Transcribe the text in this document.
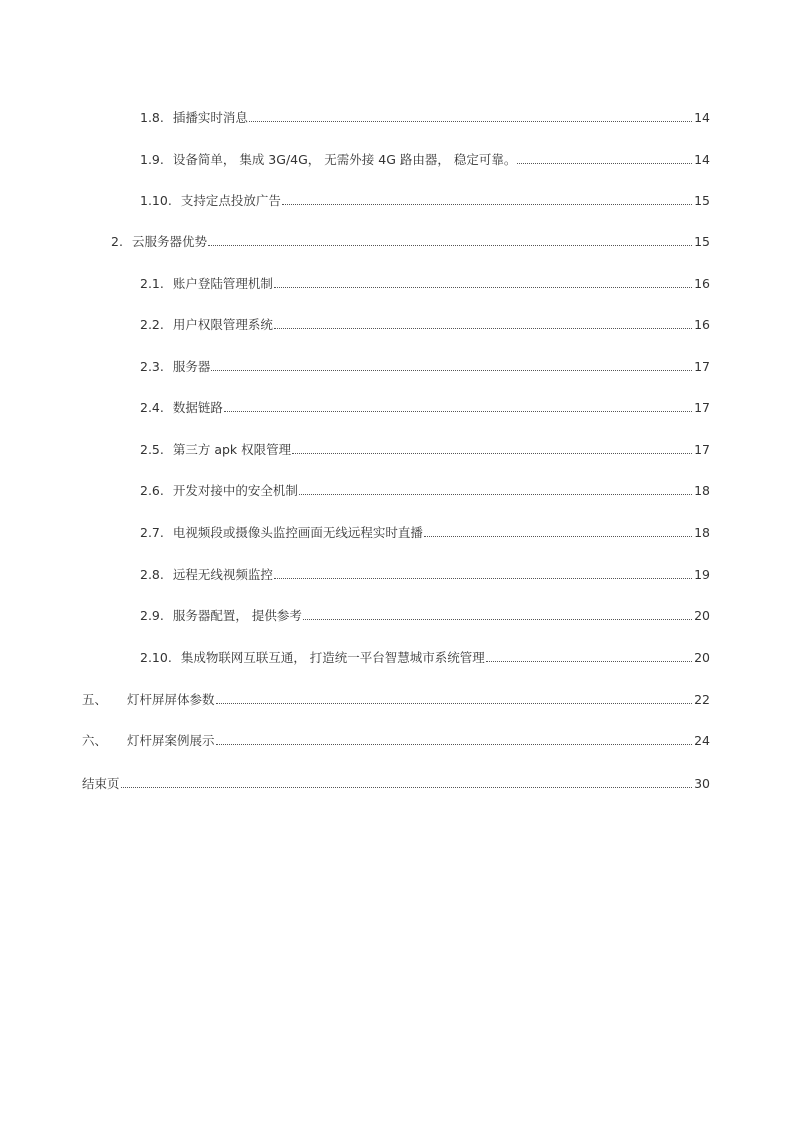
1.8. 插播实时消息	14
1.9. 设备简单， 集成 3G/4G， 无需外接 4G 路由器， 稳定可靠。	14
1.10. 支持定点投放广告	15
2. 云服务器优势	15
2.1. 账户登陆管理机制	16
2.2. 用户权限管理系统	16
2.3. 服务器	17
2.4. 数据链路	17
2.5. 第三方 apk 权限管理	17
2.6. 开发对接中的安全机制	18
2.7. 电视频段或摄像头监控画面无线远程实时直播	18
2.8. 远程无线视频监控	19
2.9. 服务器配置， 提供参考	20
2.10. 集成物联网互联互通， 打造统一平台智慧城市系统管理	20
五、 灯杆屏屏体参数	22
六、 灯杆屏案例展示	24
结束页	30
